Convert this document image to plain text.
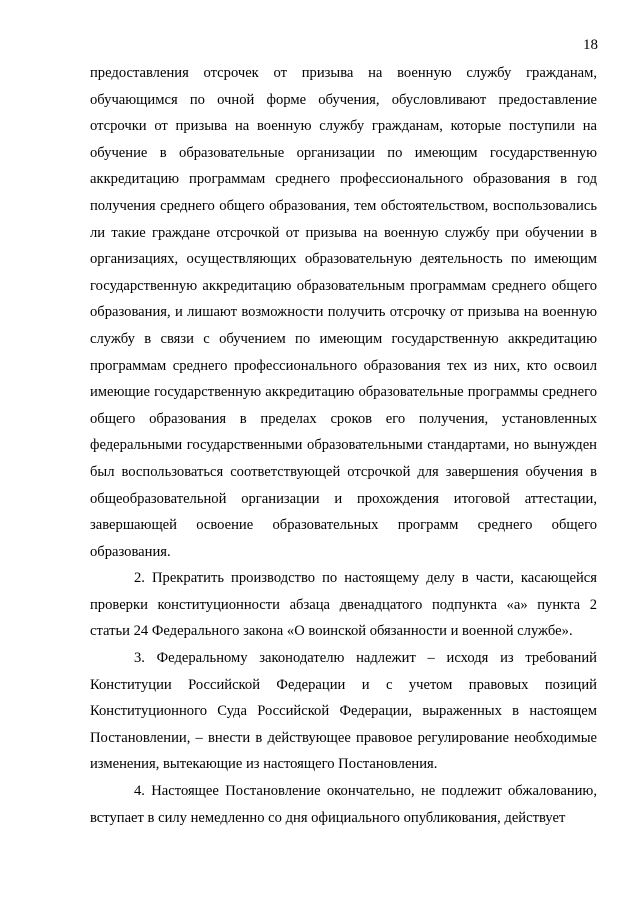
18

предоставления отсрочек от призыва на военную службу гражданам, обучающимся по очной форме обучения, обусловливают предоставление отсрочки от призыва на военную службу гражданам, которые поступили на обучение в образовательные организации по имеющим государственную аккредитацию программам среднего профессионального образования в год получения среднего общего образования, тем обстоятельством, воспользовались ли такие граждане отсрочкой от призыва на военную службу при обучении в организациях, осуществляющих образовательную деятельность по имеющим государственную аккредитацию образовательным программам среднего общего образования, и лишают возможности получить отсрочку от призыва на военную службу в связи с обучением по имеющим государственную аккредитацию программам среднего профессионального образования тех из них, кто освоил имеющие государственную аккредитацию образовательные программы среднего общего образования в пределах сроков его получения, установленных федеральными государственными образовательными стандартами, но вынужден был воспользоваться соответствующей отсрочкой для завершения обучения в общеобразовательной организации и прохождения итоговой аттестации, завершающей освоение образовательных программ среднего общего образования.

2. Прекратить производство по настоящему делу в части, касающейся проверки конституционности абзаца двенадцатого подпункта «а» пункта 2 статьи 24 Федерального закона «О воинской обязанности и военной службе».

3. Федеральному законодателю надлежит – исходя из требований Конституции Российской Федерации и с учетом правовых позиций Конституционного Суда Российской Федерации, выраженных в настоящем Постановлении, – внести в действующее правовое регулирование необходимые изменения, вытекающие из настоящего Постановления.

4. Настоящее Постановление окончательно, не подлежит обжалованию, вступает в силу немедленно со дня официального опубликования, действует
